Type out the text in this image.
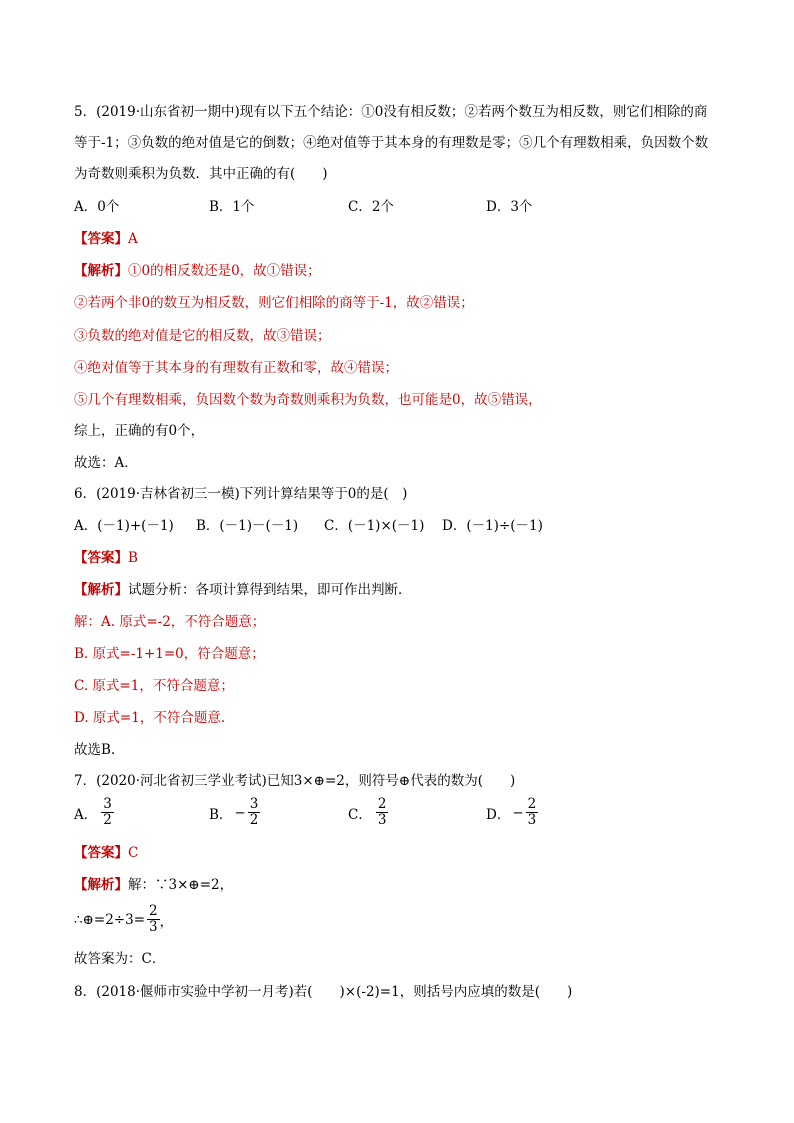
5．(2019·山东省初一期中)现有以下五个结论：①0没有相反数；②若两个数互为相反数，则它们相除的商
等于-1；③负数的绝对值是它的倒数；④绝对值等于其本身的有理数是零；⑤几个有理数相乘，负因数个数
为奇数则乘积为负数．其中正确的有(　　)
A．0个	B．1个	C．2个	D．3个
【答案】A
【解析】①0的相反数还是0，故①错误；
②若两个非0的数互为相反数，则它们相除的商等于-1，故②错误；
③负数的绝对值是它的相反数，故③错误；
④绝对值等于其本身的有理数有正数和零，故④错误；
⑤几个有理数相乘，负因数个数为奇数则乘积为负数，也可能是0，故⑤错误，
综上，正确的有0个，
故选：A．
6．(2019·吉林省初三一模)下列计算结果等于0的是(　)
A．(－1)+(－1) B．(－1)－(－1) C．(－1)×(－1) D．(－1)÷(－1)
【答案】B
【解析】试题分析：各项计算得到结果，即可作出判断．
解：A. 原式=-2，不符合题意；
B. 原式=-1+1=0，符合题意；
C. 原式=1，不符合题意；
D. 原式=1，不符合题意.
故选B.
7．(2020·河北省初三学业考试)已知3×⊕=2，则符号⊕代表的数为(　　)
A． $\frac{3}{2}$	B． − $\frac{3}{2}$	C． $\frac{2}{3}$	D． − $\frac{2}{3}$
【答案】C
【解析】解：∵3×⊕=2，
∴⊕=2÷3= $\frac{2}{3}$ ，
故答案为：C．
8．(2018·偃师市实验中学初一月考)若(　　)×(-2)=1，则括号内应填的数是(　　)
